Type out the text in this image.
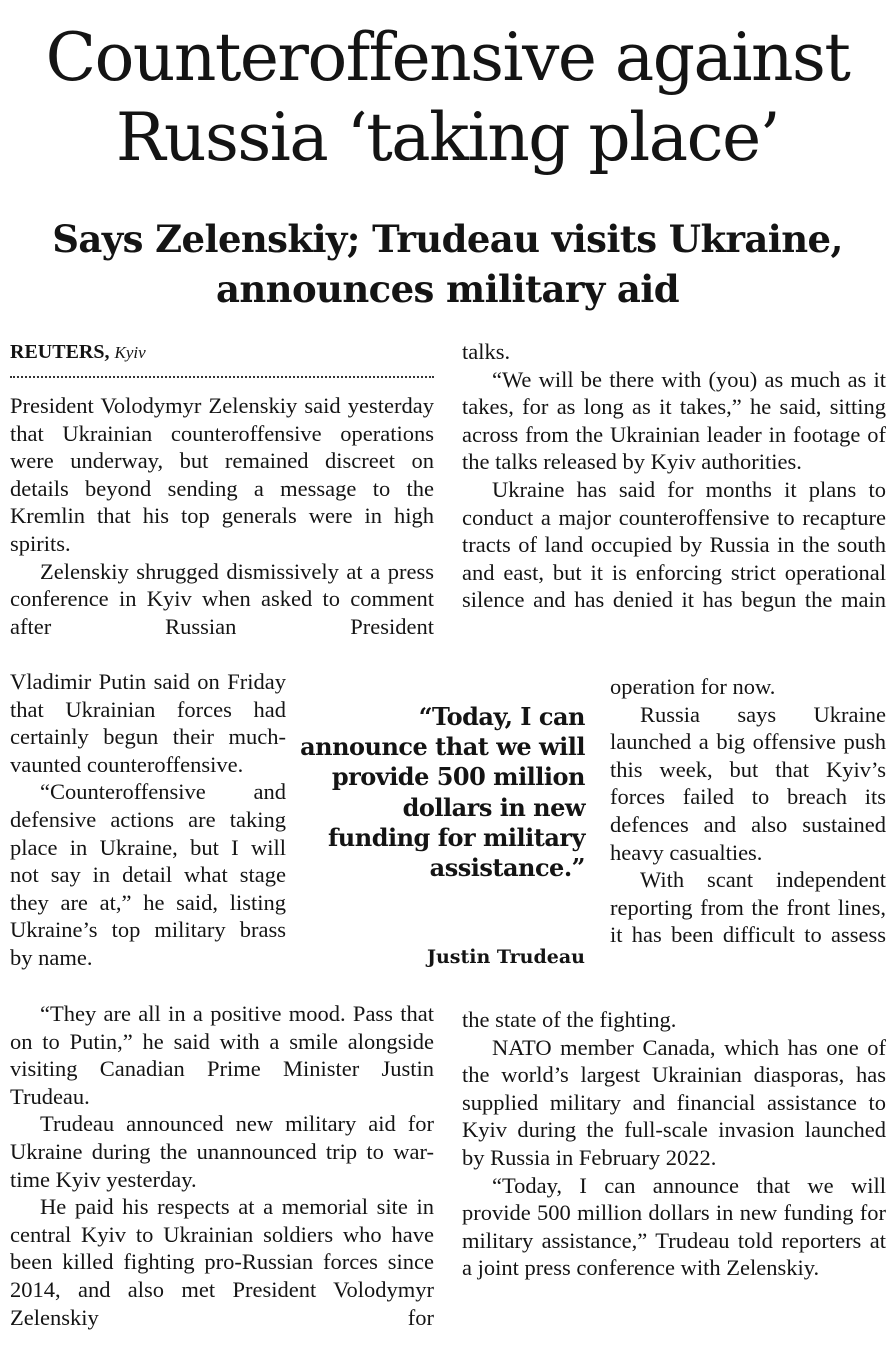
Counteroffensive against Russia ‘taking place’
Says Zelenskiy; Trudeau visits Ukraine, announces military aid
REUTERS, Kyiv

President Volodymyr Zelenskiy said yesterday that Ukrainian counteroffensive operations were underway, but remained discreet on details beyond sending a message to the Kremlin that his top generals were in high spirits.

Zelenskiy shrugged dismissively at a press conference in Kyiv when asked to comment after Russian President

Vladimir Putin said on Friday that Ukrainian forces had certainly begun their much-vaunted counteroffensive.

“Counteroffensive and defensive actions are taking place in Ukraine, but I will not say in detail what stage they are at,” he said, listing Ukraine’s top military brass by name.

“They are all in a positive mood. Pass that on to Putin,” he said with a smile alongside visiting Canadian Prime Minister Justin Trudeau.

Trudeau announced new military aid for Ukraine during the unannounced trip to war-time Kyiv yesterday.

He paid his respects at a memorial site in central Kyiv to Ukrainian soldiers who have been killed fighting pro-Russian forces since 2014, and also met President Volodymyr Zelenskiy for

“Today, I can announce that we will provide 500 million dollars in new funding for military assistance.”
Justin Trudeau

talks.

“We will be there with (you) as much as it takes, for as long as it takes,” he said, sitting across from the Ukrainian leader in footage of the talks released by Kyiv authorities.

Ukraine has said for months it plans to conduct a major counteroffensive to recapture tracts of land occupied by Russia in the south and east, but it is enforcing strict operational silence and has denied it has begun the main

operation for now.

Russia says Ukraine launched a big offensive push this week, but that Kyiv’s forces failed to breach its defences and also sustained heavy casualties.

With scant independent reporting from the front lines, it has been difficult to assess

the state of the fighting.

NATO member Canada, which has one of the world’s largest Ukrainian diasporas, has supplied military and financial assistance to Kyiv during the full-scale invasion launched by Russia in February 2022.

“Today, I can announce that we will provide 500 million dollars in new funding for military assistance,” Trudeau told reporters at a joint press conference with Zelenskiy.
